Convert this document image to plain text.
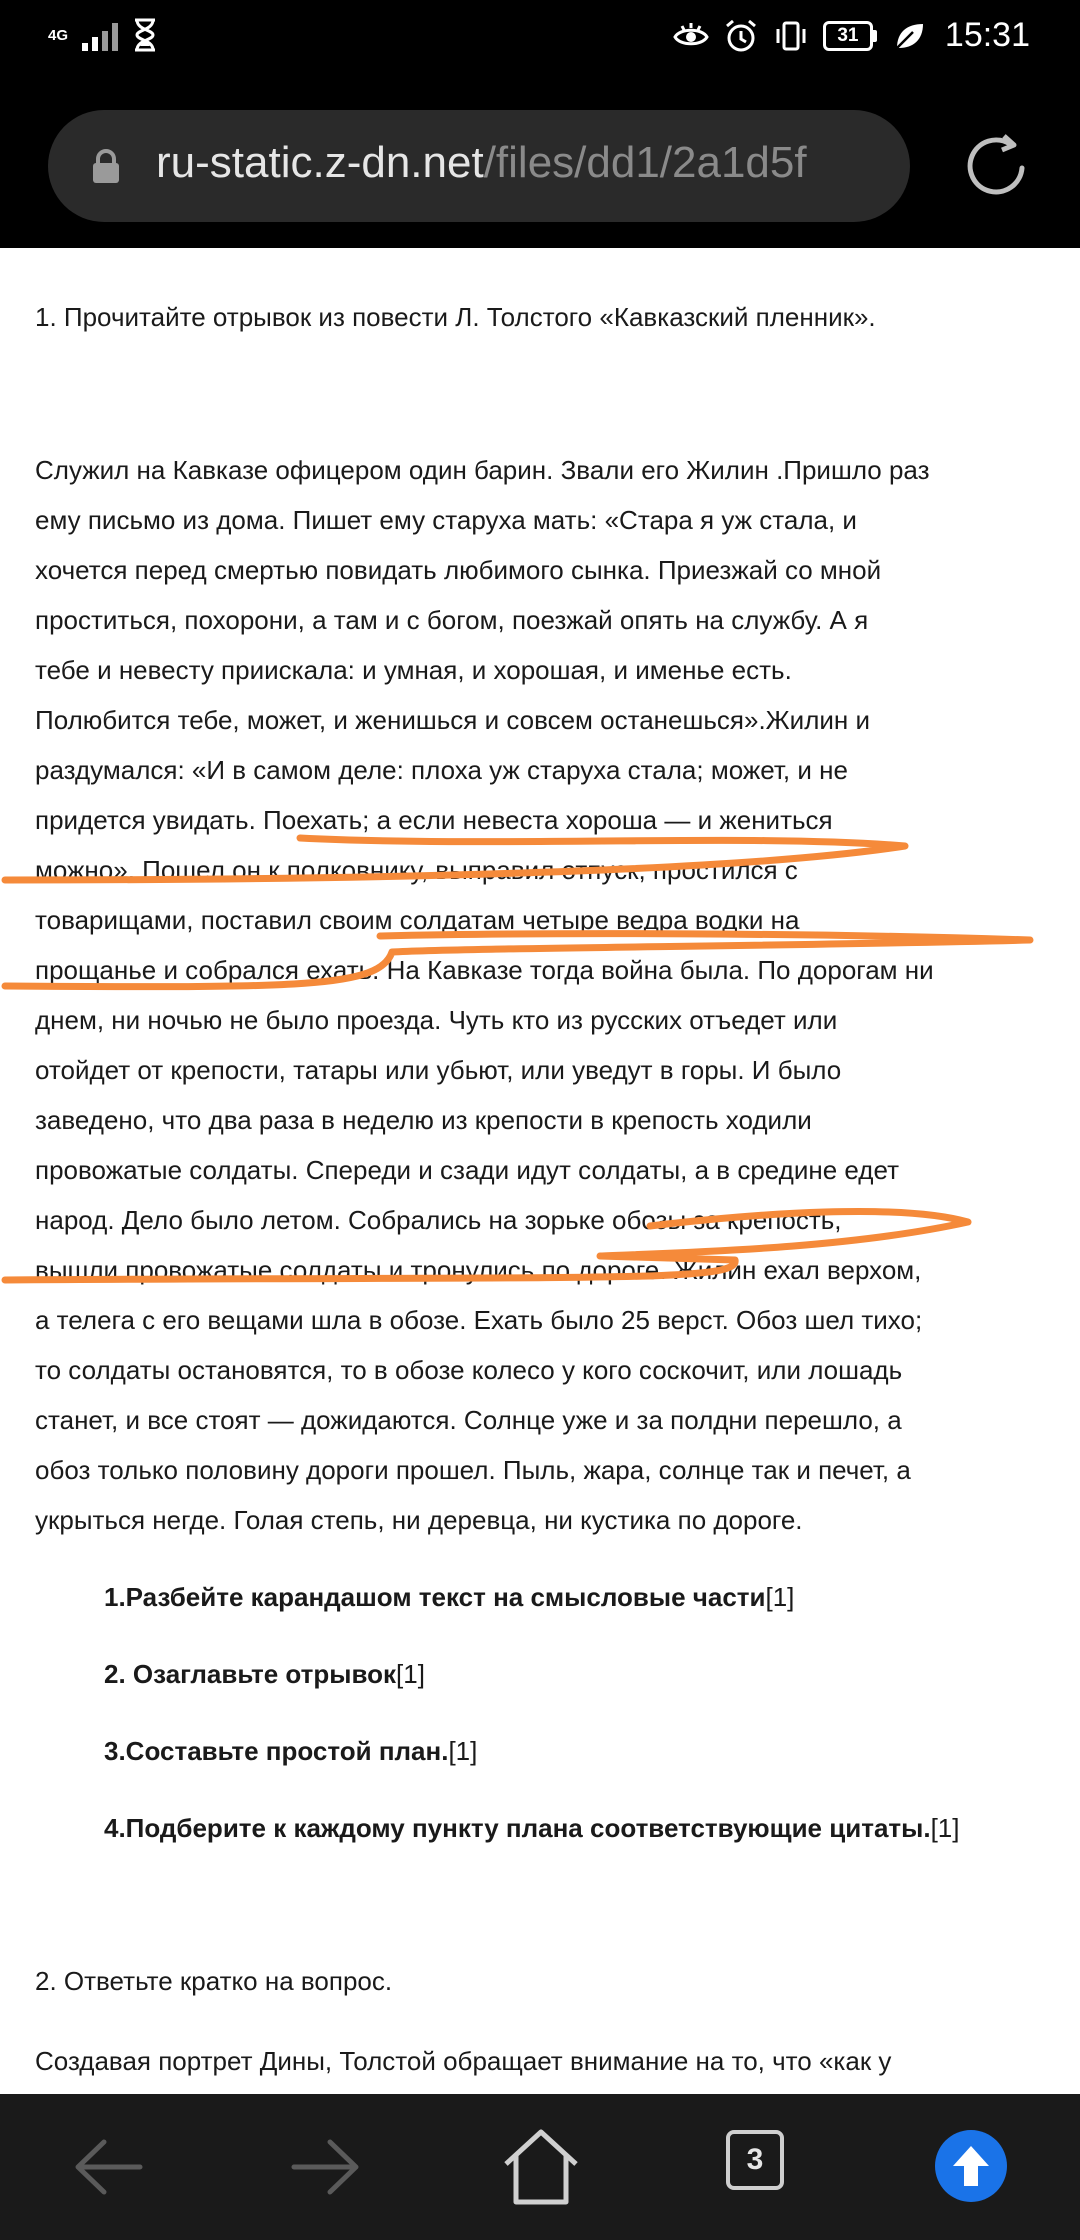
4G	31	15:31
ru-static.z-dn.net/files/dd1/2a1d5f
1. Прочитайте отрывок из повести Л. Толстого «Кавказский пленник».
Служил на Кавказе офицером один барин. Звали его Жилин .Пришло раз
ему письмо из дома. Пишет ему старуха мать: «Стара я уж стала, и
хочется перед смертью повидать любимого сынка. Приезжай со мной
проститься, похорони, а там и с богом, поезжай опять на службу. А я
тебе и невесту приискала: и умная, и хорошая, и именье есть.
Полюбится тебе, может, и женишься и совсем останешься».Жилин и
раздумался: «И в самом деле: плоха уж старуха стала; может, и не
придется увидать. Поехать; а если невеста хороша — и жениться
можно». Пошел он к полковнику, выправил отпуск, простился с
товарищами, поставил своим солдатам четыре ведра водки на
прощанье и собрался ехать. На Кавказе тогда война была. По дорогам ни
днем, ни ночью не было проезда. Чуть кто из русских отъедет или
отойдет от крепости, татары или убьют, или уведут в горы. И было
заведено, что два раза в неделю из крепости в крепость ходили
провожатые солдаты. Спереди и сзади идут солдаты, а в средине едет
народ. Дело было летом. Собрались на зорьке обозы за крепость,
вышли провожатые солдаты и тронулись по дороге. Жилин ехал верхом,
а телега с его вещами шла в обозе. Ехать было 25 верст. Обоз шел тихо;
то солдаты остановятся, то в обозе колесо у кого соскочит, или лошадь
станет, и все стоят — дожидаются. Солнце уже и за полдни перешло, а
обоз только половину дороги прошел. Пыль, жара, солнце так и печет, а
укрыться негде. Голая степь, ни деревца, ни кустика по дороге.
1.Разбейте карандашом текст на смысловые части[1]
2. Озаглавьте отрывок[1]
3.Составьте простой план.[1]
4.Подберите к каждому пункту плана соответствующие цитаты.[1]
2. Ответьте кратко на вопрос.
Создавая портрет Дины, Толстой обращает внимание на то, что «как у
3
